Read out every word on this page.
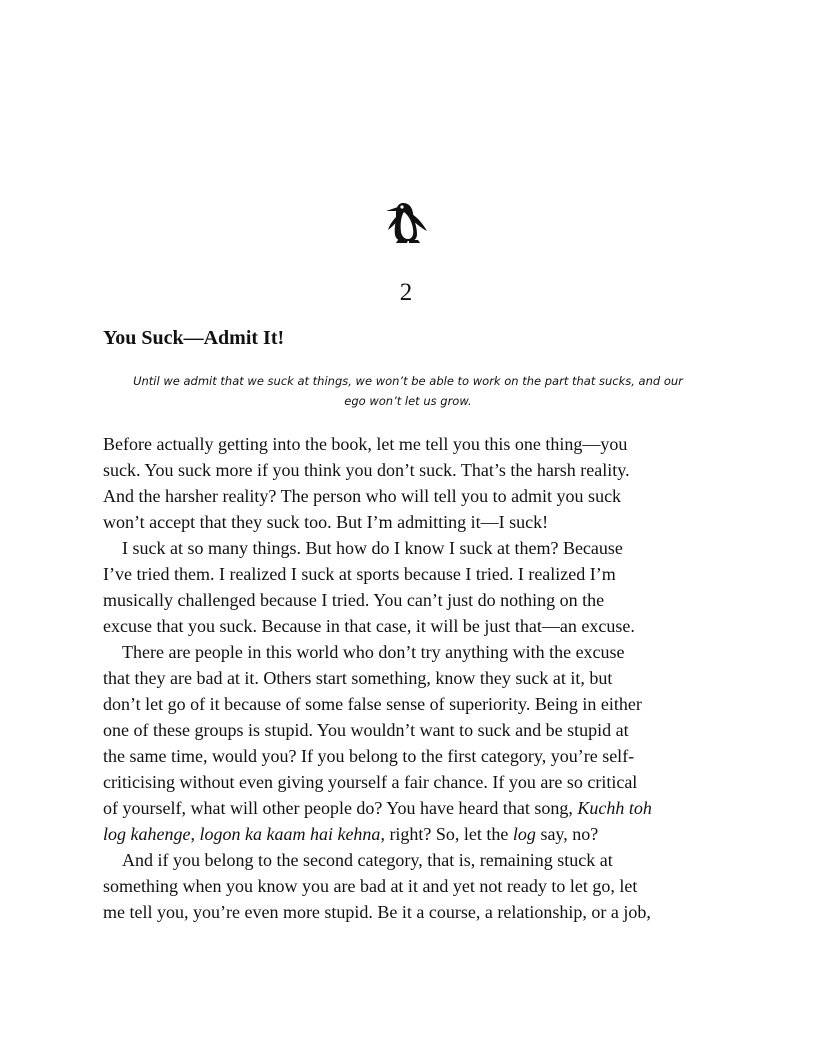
2
You Suck—Admit It!
Until we admit that we suck at things, we won’t be able to work on the part that sucks, and our
ego won’t let us grow.
Before actually getting into the book, let me tell you this one thing—you
suck. You suck more if you think you don’t suck. That’s the harsh reality.
And the harsher reality? The person who will tell you to admit you suck
won’t accept that they suck too. But I’m admitting it—I suck!
I suck at so many things. But how do I know I suck at them? Because
I’ve tried them. I realized I suck at sports because I tried. I realized I’m
musically challenged because I tried. You can’t just do nothing on the
excuse that you suck. Because in that case, it will be just that—an excuse.
There are people in this world who don’t try anything with the excuse
that they are bad at it. Others start something, know they suck at it, but
don’t let go of it because of some false sense of superiority. Being in either
one of these groups is stupid. You wouldn’t want to suck and be stupid at
the same time, would you? If you belong to the first category, you’re self-
criticising without even giving yourself a fair chance. If you are so critical
of yourself, what will other people do? You have heard that song, Kuchh toh
log kahenge, logon ka kaam hai kehna, right? So, let the log say, no?
And if you belong to the second category, that is, remaining stuck at
something when you know you are bad at it and yet not ready to let go, let
me tell you, you’re even more stupid. Be it a course, a relationship, or a job,
